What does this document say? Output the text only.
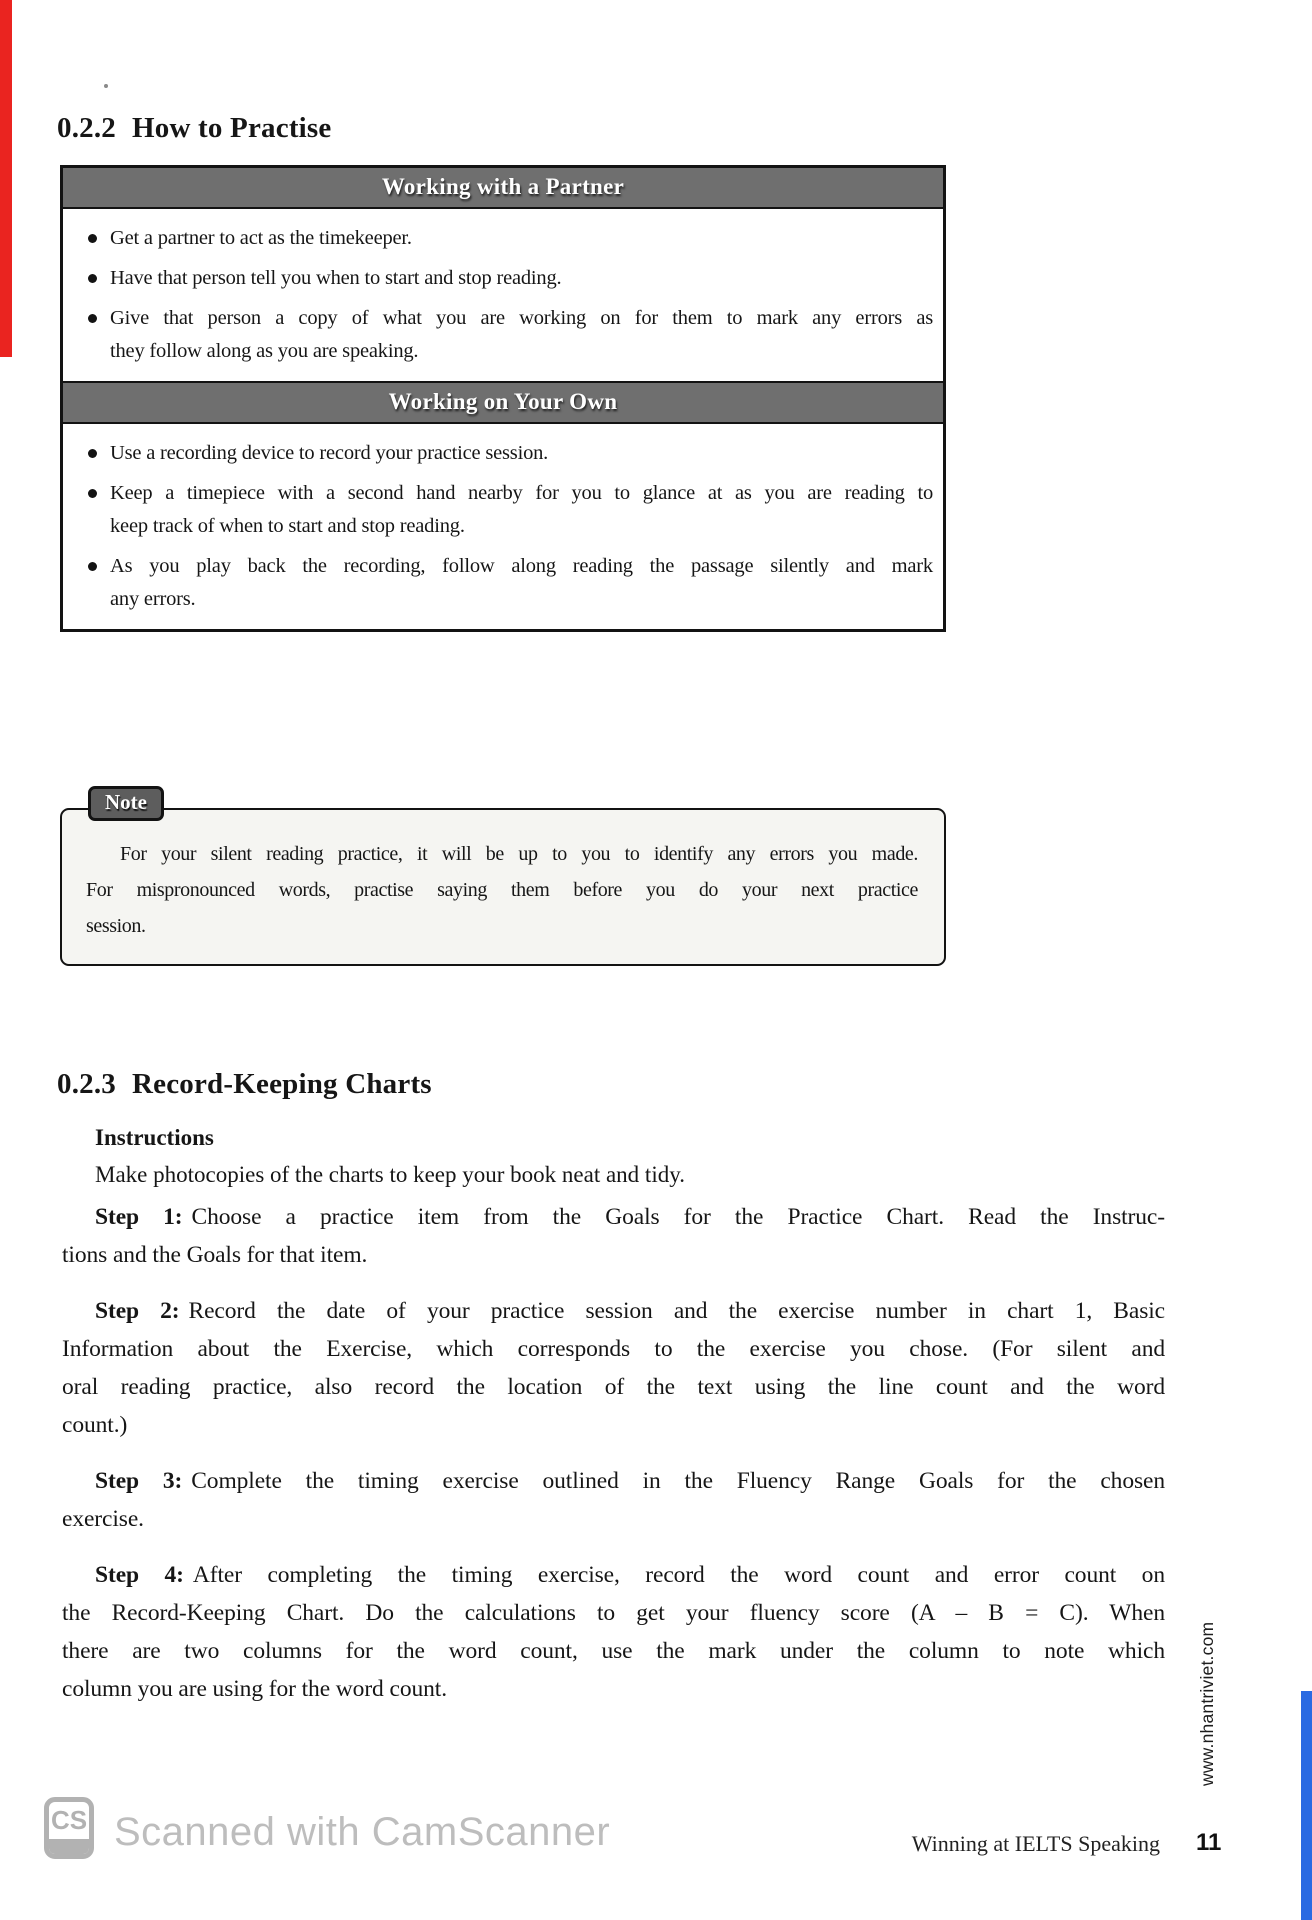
0.2.2 How to Practise
Working with a Partner
Get a partner to act as the timekeeper.
Have that person tell you when to start and stop reading.
Give that person a copy of what you are working on for them to mark any errors as
they follow along as you are speaking.
Working on Your Own
Use a recording device to record your practice session.
Keep a timepiece with a second hand nearby for you to glance at as you are reading to
keep track of when to start and stop reading.
As you play back the recording, follow along reading the passage silently and mark
any errors.
Note
For your silent reading practice, it will be up to you to identify any errors you made.
For mispronounced words, practise saying them before you do your next practice
session.
0.2.3 Record-Keeping Charts
Instructions
Make photocopies of the charts to keep your book neat and tidy.
Step 1: Choose a practice item from the Goals for the Practice Chart. Read the Instruc-
tions and the Goals for that item.
Step 2: Record the date of your practice session and the exercise number in chart 1, Basic
Information about the Exercise, which corresponds to the exercise you chose. (For silent and
oral reading practice, also record the location of the text using the line count and the word
count.)
Step 3: Complete the timing exercise outlined in the Fluency Range Goals for the chosen
exercise.
Step 4: After completing the timing exercise, record the word count and error count on
the Record-Keeping Chart. Do the calculations to get your fluency score (A – B = C). When
there are two columns for the word count, use the mark under the column to note which
column you are using for the word count.	www.nhantriviet.com
Winning at IELTS Speaking 11
CS Scanned with CamScanner
